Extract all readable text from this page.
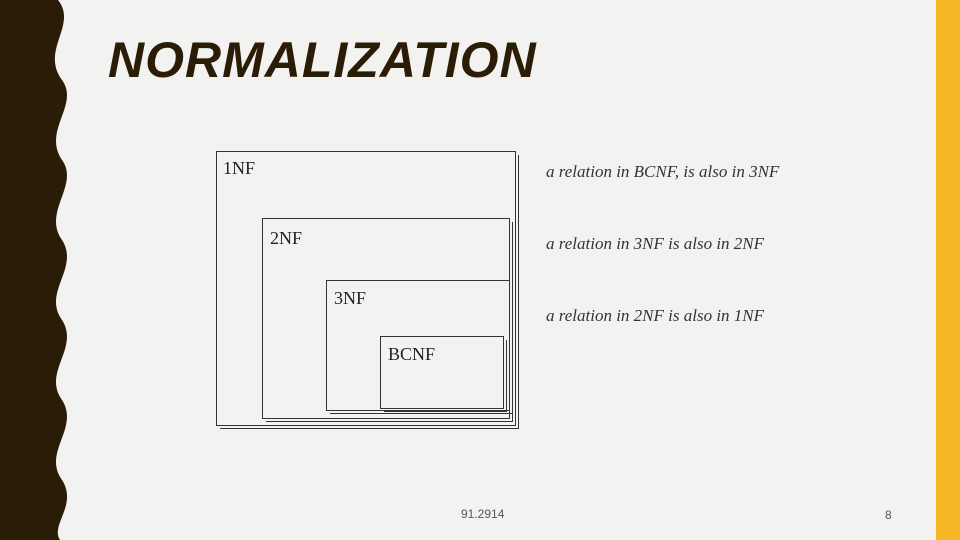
NORMALIZATION
1NF
2NF
3NF
BCNF

a relation in BCNF, is also in 3NF

a relation in 3NF is also in 2NF

a relation in 2NF is also in 1NF

91.2914	8
